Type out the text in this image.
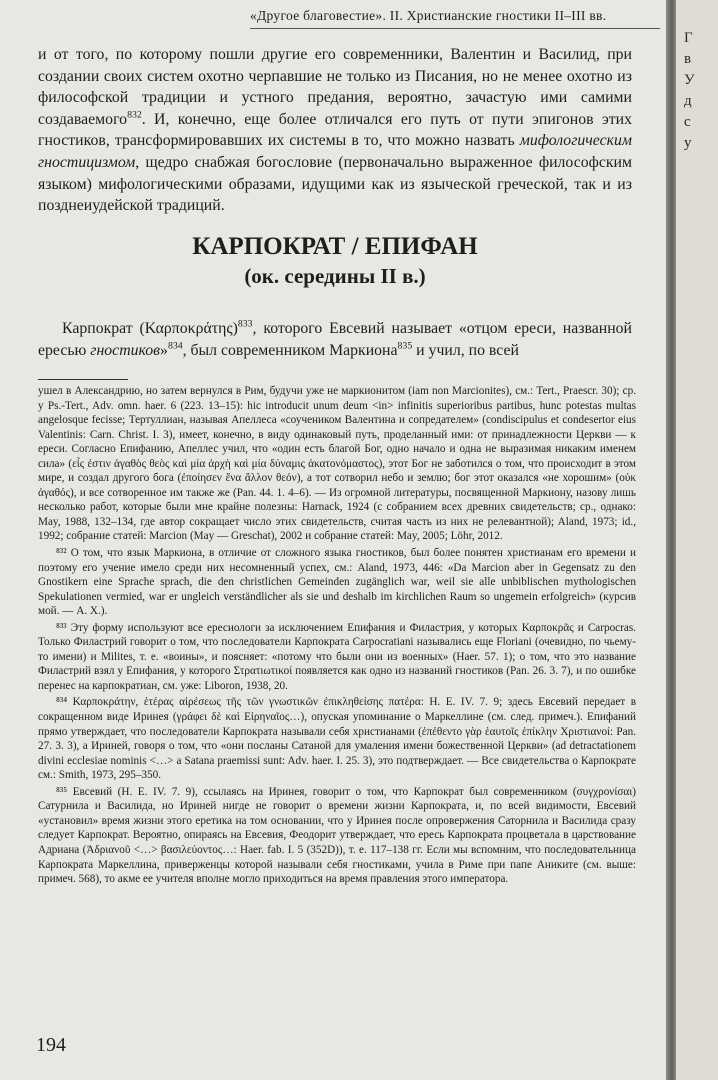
«Другое благовестие». II. Христианские гностики II–III вв.

и от того, по которому пошли другие его современники, Валентин и Василид, при создании своих систем охотно черпавшие не только из Писания, но не менее охотно из философской традиции и устного предания, вероятно, зачастую ими самими создаваемого$^{832}$. И, конечно, еще более отличался его путь от пути эпигонов этих гностиков, трансформировавших их системы в то, что можно назвать мифологическим гностицизмом, щедро снабжая богословие (первоначально выраженное философским языком) мифологическими образами, идущими как из языческой греческой, так и из позднеиудейской традиций.

КАРПОКРАТ / ЕПИФАН
(ок. середины II в.)

Карпократ $(K\alpha\rho\pi o\kappa\rho ά\tau\eta\varsigma)^{833}$, которого Евсевий называет «отцом ереси, названной ересью гностиков»$^{834}$, был современником Маркиона$^{835}$ и учил, по всей

ушел в Александрию, но затем вернулся в Рим, будучи уже не маркионитом (iam non Marcionites), см.: Tert., Praescr. 30); ср. у Ps.-Tert., Adv. omn. haer. 6 (223. 13–15): hic introducit unum deum <in> infinitis superioribus partibus, hunc potestas multas angelosque fecisse; Тертуллиан, называя Апеллеса «соучеником Валентина и сопредателем» (condiscipulus et condesertor eius Valentinis: Carn. Christ. I. 3), имеет, конечно, в виду одинаковый путь, проделанный ими: от принадлежности Церкви — к ереси. Согласно Епифанию, Апеллес учил, что «один есть благой Бог, одно начало и одна не выразимая никаким именем сила» (εἷς ἐστιν ἀγαθὸς θεὸς καὶ μία ἀρχὴ καὶ μία δύναμις ἀκατονόμαστος), этот Бог не заботился о том, что происходит в этом мире, и создал другого бога (ἐποίησεν ἕνα ἄλλον θεόν), а тот сотворил небо и землю; бог этот оказался «не хорошим» (οὐκ ἀγαθός), и все сотворенное им также же (Pan. 44. 1. 4–6). — Из огромной литературы, посвященной Маркиону, назову лишь несколько работ, которые были мне крайне полезны: Harnack, 1924 (с собранием всех древних свидетельств; ср., однако: May, 1988, 132–134, где автор сокращает число этих свидетельств, считая часть из них не релевантной); Aland, 1973; id., 1992; собрание статей: Marcion (May — Greschat), 2002 и собрание статей: May, 2005; Löhr, 2012.

⁸³² О том, что язык Маркиона, в отличие от сложного языка гностиков, был более понятен христианам его времени и поэтому его учение имело среди них несомненный успех, см.: Aland, 1973, 446: «Da Marcion aber in Gegensatz zu den Gnostikern eine Sprache sprach, die den christlichen Gemeinden zugänglich war, weil sie alle unbiblischen mythologischen Spekulationen vermied, war er ungleich verständlicher als sie und deshalb im kirchlichen Raum so ungemein erfolgreich» (курсив мой. — А. Х.).

⁸³³ Эту форму используют все ересиологи за исключением Епифания и Филастрия, у которых Καρποκρᾶς и Carpocras. Только Филастрий говорит о том, что последователи Карпократа Carpocratiani назывались еще Floriani (очевидно, по чьему-то имени) и Milites, т. е. «воины», и поясняет: «потому что были они из военных» (Haer. 57. 1); о том, что это название Филастрий взял у Епифания, у которого Στρατιωτικοί появляется как одно из названий гностиков (Pan. 26. 3. 7), и по ошибке перенес на карпократиан, см. уже: Liboron, 1938, 20.

⁸³⁴ Καρποκράτην, ἑτέρας αἱρέσεως τῆς τῶν γνωστικῶν ἐπικληθείσης πατέρα: H. E. IV. 7. 9; здесь Евсевий передает в сокращенном виде Иринея (γράφει δὲ καὶ Εἰρηναῖος…), опуская упоминание о Маркеллине (см. след. примеч.). Епифаний прямо утверждает, что последователи Карпократа называли себя христианами (ἐπέθεντο γὰρ ἑαυτοῖς ἐπίκλην Χριστιανοί: Pan. 27. 3. 3), а Ириней, говоря о том, что «они посланы Сатаной для умаления имени божественной Церкви» (ad detractationem divini ecclesiae nominis <…> a Satana praemissi sunt: Adv. haer. I. 25. 3), это подтверждает. — Все свидетельства о Карпократе см.: Smith, 1973, 295–350.

⁸³⁵ Евсевий (H. E. IV. 7. 9), ссылаясь на Иринея, говорит о том, что Карпократ был современником (συγχρονίσαι) Сатурнила и Василида, но Ириней нигде не говорит о времени жизни Карпократа, и, по всей видимости, Евсевий «установил» время жизни этого еретика на том основании, что у Иринея после опровержения Саторнила и Василида сразу следует Карпократ. Вероятно, опираясь на Евсевия, Феодорит утверждает, что ересь Карпократа процветала в царствование Адриана (Ἀδριανοῦ <…> βασιλεύοντος…: Haer. fab. I. 5 (352D)), т. е. 117–138 гг. Если мы вспомним, что последовательница Карпократа Маркеллина, приверженцы которой называли себя гностиками, учила в Риме при папе Аниките (см. выше: примеч. 568), то акме ее учителя вполне могло приходиться на время правления этого императора.

194
Г
в
У
д
с
у
